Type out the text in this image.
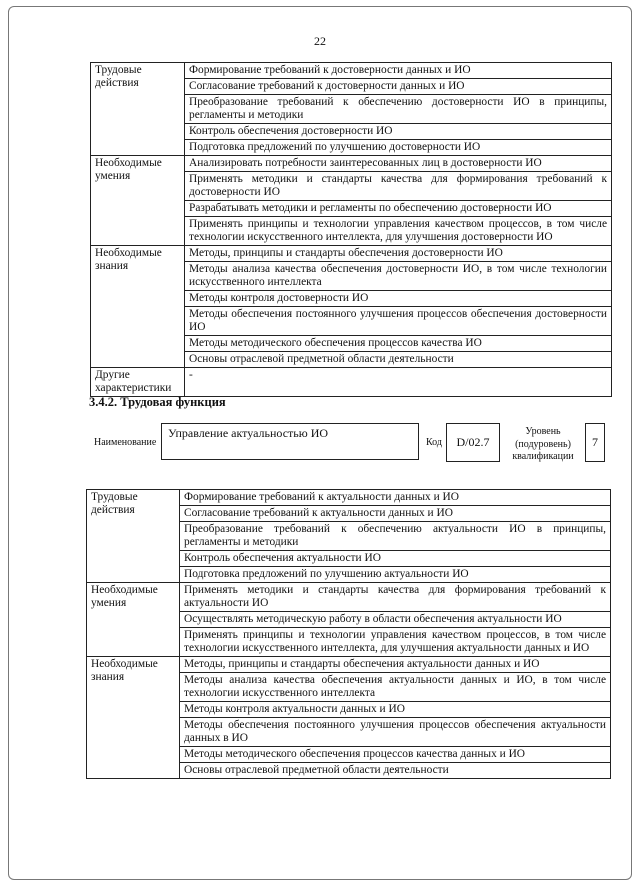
22
Трудовые действия	Формирование требований к достоверности данных и ИО
	Согласование требований к достоверности данных и ИО
	Преобразование требований к обеспечению достоверности ИО в принципы, регламенты и методики
	Контроль обеспечения достоверности ИО
	Подготовка предложений по улучшению достоверности ИО
Необходимые умения	Анализировать потребности заинтересованных лиц в достоверности ИО
	Применять методики и стандарты качества для формирования требований к достоверности ИО
	Разрабатывать методики и регламенты по обеспечению достоверности ИО
	Применять принципы и технологии управления качеством процессов, в том числе технологии искусственного интеллекта, для улучшения достоверности ИО
Необходимые знания	Методы, принципы и стандарты обеспечения достоверности ИО
	Методы анализа качества обеспечения достоверности ИО, в том числе технологии искусственного интеллекта
	Методы контроля достоверности ИО
	Методы обеспечения постоянного улучшения процессов обеспечения достоверности ИО
	Методы методического обеспечения процессов качества ИО
	Основы отраслевой предметной области деятельности
Другие характеристики	-
3.4.2. Трудовая функция
Наименование
Управление актуальностью ИО
Код D/02.7
Уровень
(подуровень)
квалификации
7
Трудовые действия	Формирование требований к актуальности данных и ИО
	Согласование требований к актуальности данных и ИО
	Преобразование требований к обеспечению актуальности ИО в принципы, регламенты и методики
	Контроль обеспечения актуальности ИО
	Подготовка предложений по улучшению актуальности ИО
Необходимые умения	Применять методики и стандарты качества для формирования требований к актуальности ИО
	Осуществлять методическую работу в области обеспечения актуальности ИО
	Применять принципы и технологии управления качеством процессов, в том числе технологии искусственного интеллекта, для улучшения актуальности данных и ИО
Необходимые знания	Методы, принципы и стандарты обеспечения актуальности данных и ИО
	Методы анализа качества обеспечения актуальности данных и ИО, в том числе технологии искусственного интеллекта
	Методы контроля актуальности данных и ИО
	Методы обеспечения постоянного улучшения процессов обеспечения актуальности данных в ИО
	Методы методического обеспечения процессов качества данных и ИО
	Основы отраслевой предметной области деятельности
